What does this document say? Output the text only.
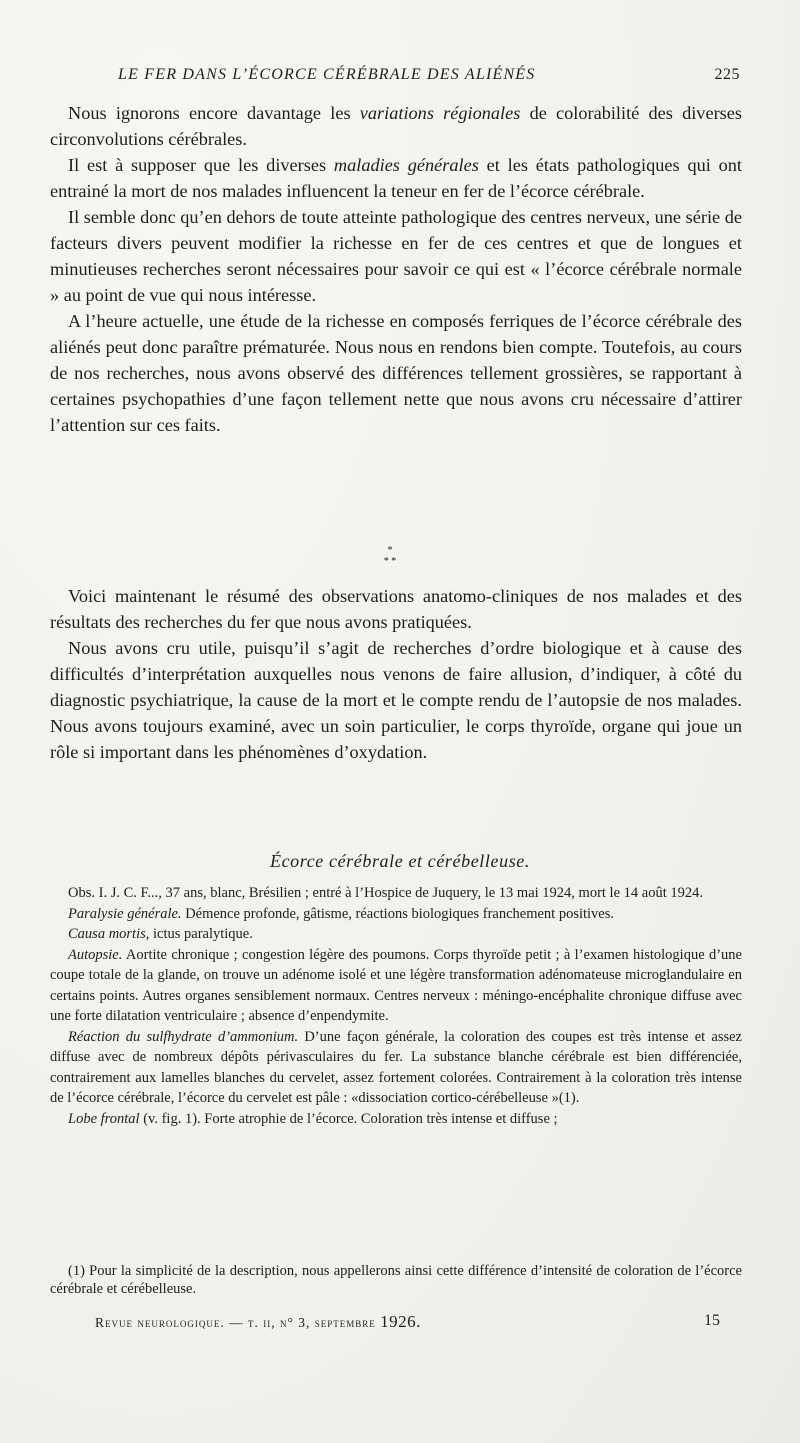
LE FER DANS L’ÉCORCE CÉRÉBRALE DES ALIÉNÉS	225

Nous ignorons encore davantage les variations régionales de colorabilité des diverses circonvolutions cérébrales.

Il est à supposer que les diverses maladies générales et les états pathologiques qui ont entrainé la mort de nos malades influencent la teneur en fer de l’écorce cérébrale.

Il semble donc qu’en dehors de toute atteinte pathologique des centres nerveux, une série de facteurs divers peuvent modifier la richesse en fer de ces centres et que de longues et minutieuses recherches seront nécessaires pour savoir ce qui est « l’écorce cérébrale normale » au point de vue qui nous intéresse.

A l’heure actuelle, une étude de la richesse en composés ferriques de l’écorce cérébrale des aliénés peut donc paraître prématurée. Nous nous en rendons bien compte. Toutefois, au cours de nos recherches, nous avons observé des différences tellement grossières, se rapportant à certaines psychopathies d’une façon tellement nette que nous avons cru nécessaire d’attirer l’attention sur ces faits.

*
* *

Voici maintenant le résumé des observations anatomo-cliniques de nos malades et des résultats des recherches du fer que nous avons pratiquées.

Nous avons cru utile, puisqu’il s’agit de recherches d’ordre biologique et à cause des difficultés d’interprétation auxquelles nous venons de faire allusion, d’indiquer, à côté du diagnostic psychiatrique, la cause de la mort et le compte rendu de l’autopsie de nos malades. Nous avons toujours examiné, avec un soin particulier, le corps thyroïde, organe qui joue un rôle si important dans les phénomènes d’oxydation.

Écorce cérébrale et cérébelleuse.

Obs. I. J. C. F..., 37 ans, blanc, Brésilien ; entré à l’Hospice de Juquery, le 13 mai 1924, mort le 14 août 1924.

Paralysie générale. Démence profonde, gâtisme, réactions biologiques franchement positives.

Causa mortis, ictus paralytique.

Autopsie. Aortite chronique ; congestion légère des poumons. Corps thyroïde petit ; à l’examen histologique d’une coupe totale de la glande, on trouve un adénome isolé et une légère transformation adénomateuse microglandulaire en certains points. Autres organes sensiblement normaux. Centres nerveux : méningo-encéphalite chronique diffuse avec une forte dilatation ventriculaire ; absence d’enpendymite.

Réaction du sulfhydrate d’ammonium. D’une façon générale, la coloration des coupes est très intense et assez diffuse avec de nombreux dépôts périvasculaires du fer. La substance blanche cérébrale est bien différenciée, contrairement aux lamelles blanches du cervelet, assez fortement colorées. Contrairement à la coloration très intense de l’écorce cérébrale, l’écorce du cervelet est pâle : «dissociation cortico-cérébelleuse »(1).

Lobe frontal (v. fig. 1). Forte atrophie de l’écorce. Coloration très intense et diffuse ;

(1) Pour la simplicité de la description, nous appellerons ainsi cette différence d’intensité de coloration de l’écorce cérébrale et cérébelleuse.

Revue neurologique. — t. ii, n° 3, septembre 1926.	15
